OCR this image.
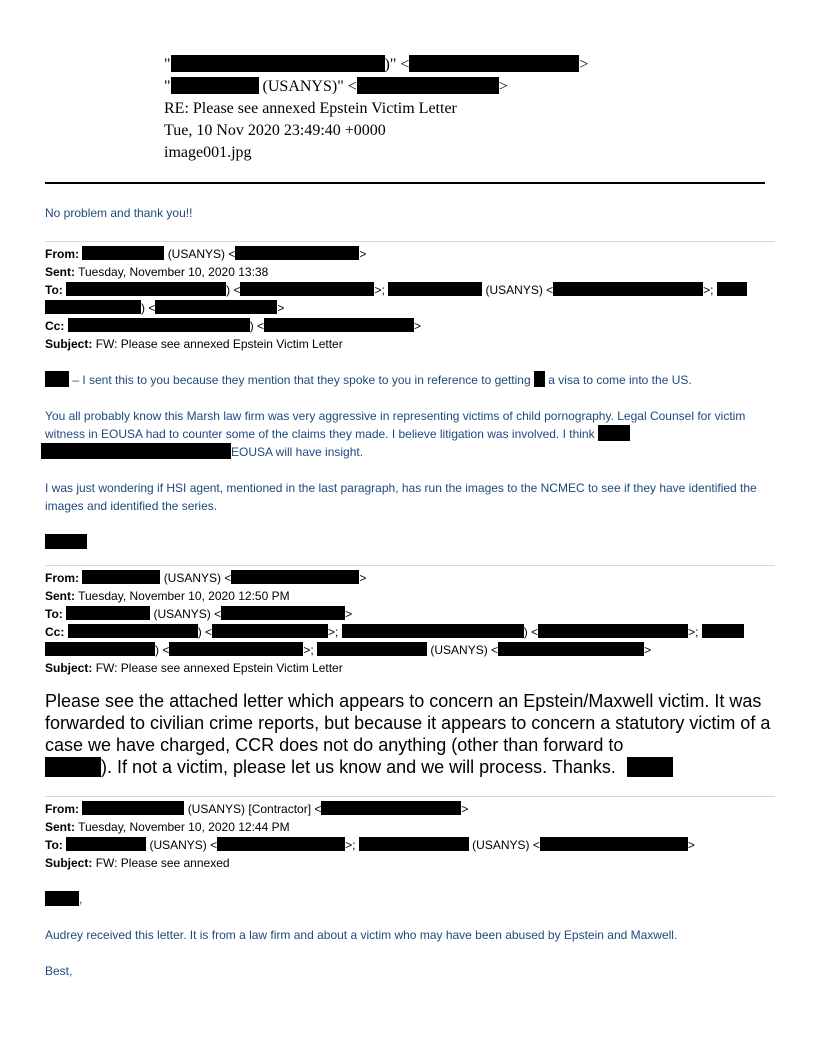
"	)" <	>
"	(USANYS)" <	>
RE: Please see annexed Epstein Victim Letter
Tue, 10 Nov 2020 23:49:40 +0000
image001.jpg

No problem and thank you!!

From:	(USANYS) <	>
Sent: Tuesday, November 10, 2020 13:38
To:	) <	>;	(USANYS) <	>;
) <	>
Cc:	) <	>
Subject: FW: Please see annexed Epstein Victim Letter

– I sent this to you because they mention that they spoke to you in reference to getting  a visa to come into the US.

You all probably know this Marsh law firm was very aggressive in representing victims of child pornography. Legal Counsel for victim witness in EOUSA had to counter some of the claims they made. I believe litigation was involved. I think
EOUSA will have insight.

I was just wondering if HSI agent, mentioned in the last paragraph, has run the images to the NCMEC to see if they have identified the images and identified the series.

From:	(USANYS) <	>
Sent: Tuesday, November 10, 2020 12:50 PM
To:	(USANYS) <	>
Cc:	) <	>;	) <	>;
) <	>;	(USANYS) <	>
Subject: FW: Please see annexed Epstein Victim Letter

Please see the attached letter which appears to concern an Epstein/Maxwell victim. It was forwarded to civilian crime reports, but because it appears to concern a statutory victim of a case we have charged, CCR does not do anything (other than forward to
). If not a victim, please let us know and we will process. Thanks.

From:	(USANYS) [Contractor] <	>
Sent: Tuesday, November 10, 2020 12:44 PM
To:	(USANYS) <	>;	(USANYS) <	>
Subject: FW: Please see annexed

,

Audrey received this letter. It is from a law firm and about a victim who may have been abused by Epstein and Maxwell.

Best,
